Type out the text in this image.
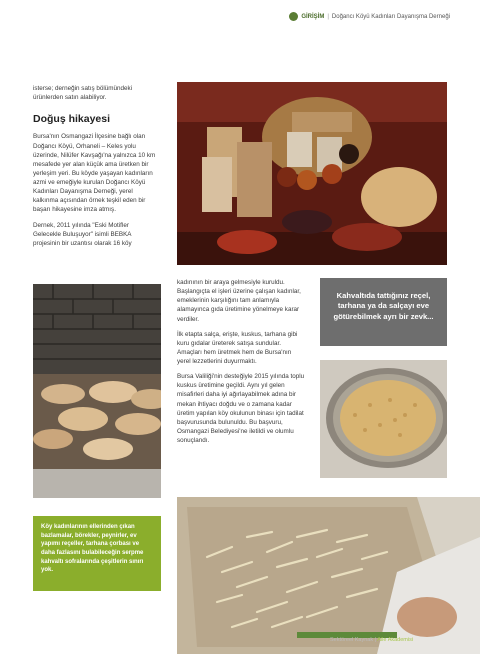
GİRİŞİM | Doğancı Köyü Kadınları Dayanışma Derneği

isterse; derneğin satış bölümündeki ürünlerden satın alabiliyor.

Doğuş hikayesi

Bursa'nın Osmangazi İlçesine bağlı olan Doğancı Köyü, Orhaneli – Keles yolu üzerinde, Nilüfer Kavşağı'na yalnızca 10 km mesafede yer alan küçük ama üretken bir yerleşim yeri. Bu köyde yaşayan kadınların azmi ve emeğiyle kurulan Doğancı Köyü Kadınları Dayanışma Derneği, yerel kalkınma açısından örnek teşkil eden bir başarı hikayesine imza atmış.

Dernek, 2011 yılında "Eski Motifler Gelecekle Buluşuyor" isimli BEBKA projesinin bir uzantısı olarak 16 köy

kadınının bir araya gelmesiyle kuruldu. Başlangıçta el işleri üzerine çalışan kadınlar, emeklerinin karşılığını tam anlamıyla alamayınca gıda üretimine yönelmeye karar verdiler.

İlk etapta salça, erişte, kuskus, tarhana gibi kuru gıdalar üreterek satışa sundular. Amaçları hem üretmek hem de Bursa'nın yerel lezzetlerini duyurmaktı.

Bursa Valiliği'nin desteğiyle 2015 yılında toplu kuskus üretimine geçildi. Aynı yıl gelen misafirleri daha iyi ağırlayabilmek adına bir mekan ihtiyacı doğdu ve o zamana kadar üretim yapılan köy okulunun binası için tadilat başvurusunda bulunuldu. Bu başvuru, Osmangazi Belediyesi'ne iletildi ve olumlu sonuçlandı.

Kahvaltıda tattığınız reçel, tarhana ya da salçayı eve götürebilmek ayrı bir zevk...
Köy kadınlarının ellerinden çıkan bazlamalar, börekler, peynirler, ev yapımı reçeller, tarhana çorbası ve daha fazlasını bulabileceğin serpme kahvaltı sofralarında çeşitlerin sınırı yok.
Sektöreel Kaynak | Aile Akademisi
